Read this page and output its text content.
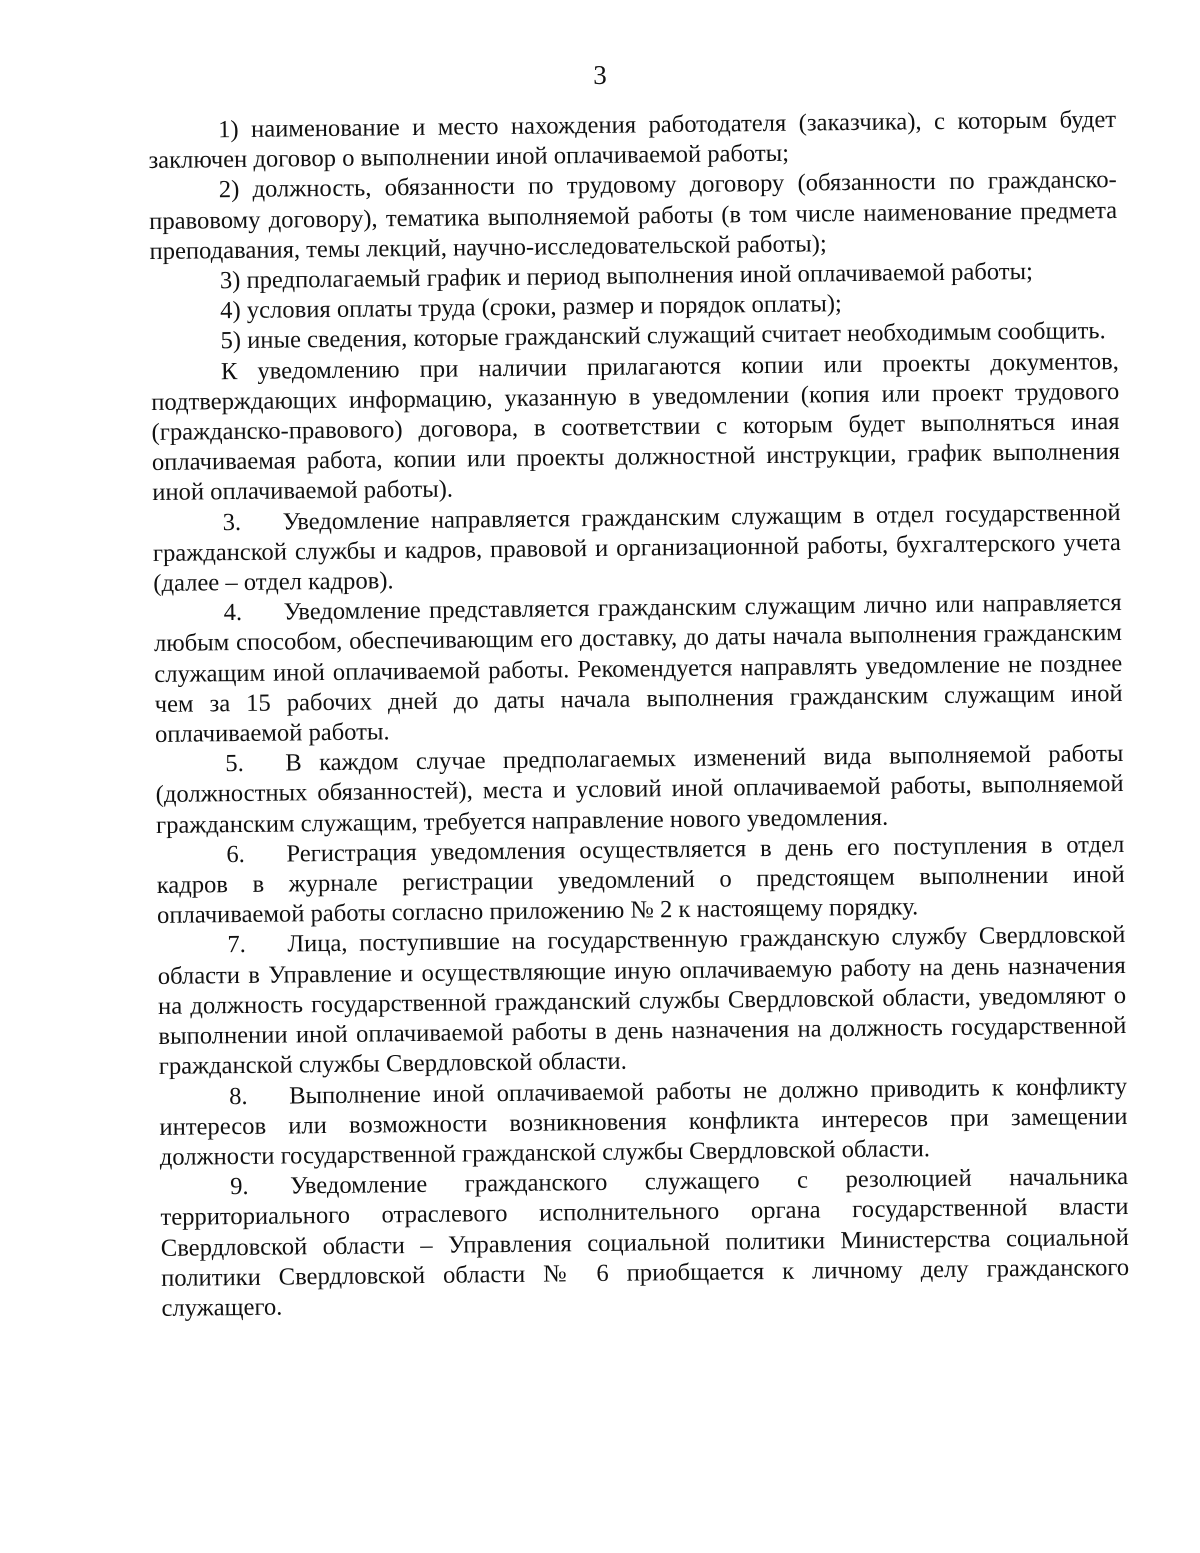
3

1) наименование и место нахождения работодателя (заказчика), с которым будет заключен договор о выполнении иной оплачиваемой работы;

2) должность, обязанности по трудовому договору (обязанности по гражданско-правовому договору), тематика выполняемой работы (в том числе наименование предмета преподавания, темы лекций, научно-исследовательской работы);

3) предполагаемый график и период выполнения иной оплачиваемой работы;

4) условия оплаты труда (сроки, размер и порядок оплаты);

5) иные сведения, которые гражданский служащий считает необходимым сообщить.

К уведомлению при наличии прилагаются копии или проекты документов, подтверждающих информацию, указанную в уведомлении (копия или проект трудового (гражданско-правового) договора, в соответствии с которым будет выполняться иная оплачиваемая работа, копии или проекты должностной инструкции, график выполнения иной оплачиваемой работы).

3. Уведомление направляется гражданским служащим в отдел государственной гражданской службы и кадров, правовой и организационной работы, бухгалтерского учета (далее – отдел кадров).

4. Уведомление представляется гражданским служащим лично или направляется любым способом, обеспечивающим его доставку, до даты начала выполнения гражданским служащим иной оплачиваемой работы. Рекомендуется направлять уведомление не позднее чем за 15 рабочих дней до даты начала выполнения гражданским служащим иной оплачиваемой работы.

5. В каждом случае предполагаемых изменений вида выполняемой работы (должностных обязанностей), места и условий иной оплачиваемой работы, выполняемой гражданским служащим, требуется направление нового уведомления.

6. Регистрация уведомления осуществляется в день его поступления в отдел кадров в журнале регистрации уведомлений о предстоящем выполнении иной оплачиваемой работы согласно приложению № 2 к настоящему порядку.

7. Лица, поступившие на государственную гражданскую службу Свердловской области в Управление и осуществляющие иную оплачиваемую работу на день назначения на должность государственной гражданский службы Свердловской области, уведомляют о выполнении иной оплачиваемой работы в день назначения на должность государственной гражданской службы Свердловской области.

8. Выполнение иной оплачиваемой работы не должно приводить к конфликту интересов или возможности возникновения конфликта интересов при замещении должности государственной гражданской службы Свердловской области.

9. Уведомление гражданского служащего с резолюцией начальника территориального отраслевого исполнительного органа государственной власти Свердловской области – Управления социальной политики Министерства социальной политики Свердловской области № 6 приобщается к личному делу гражданского служащего.
